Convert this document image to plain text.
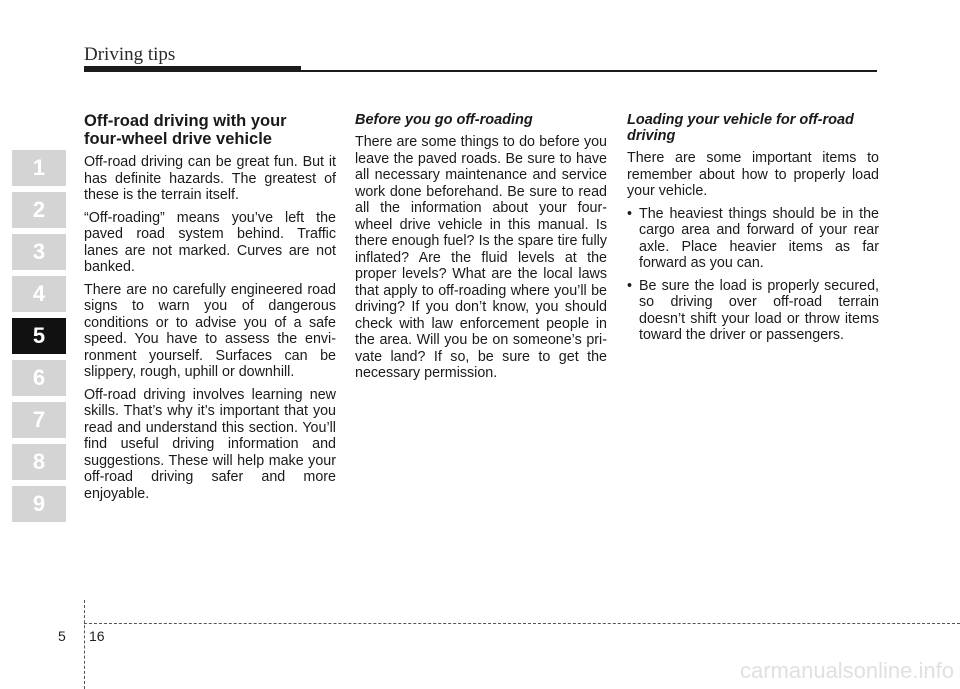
Driving tips
1
2
3
4
5
6
7
8
9
Off-road driving with your
four-wheel drive vehicle

Off-road driving can be great fun. But it has definite hazards. The greatest of these is the terrain itself.

“Off-roading” means you’ve left the paved road system behind. Traffic lanes are not marked. Curves are not banked.

There are no carefully engineered road signs to warn you of dangerous conditions or to advise you of a safe speed. You have to assess the envi-ronment yourself. Surfaces can be slippery, rough, uphill or downhill.

Off-road driving involves learning new skills. That’s why it’s important that you read and understand this section. You’ll find useful driving information and suggestions. These will help make your off-road driving safer and more enjoyable.

Before you go off-roading

There are some things to do before you leave the paved roads. Be sure to have all necessary maintenance and service work done beforehand. Be sure to read all the information about your four-wheel drive vehicle in this manual. Is there enough fuel? Is the spare tire fully inflated? Are the fluid levels at the proper levels? What are the local laws that apply to off-roading where you’ll be driving? If you don’t know, you should check with law enforcement people in the area. Will you be on someone’s pri-vate land? If so, be sure to get the necessary permission.

Loading your vehicle for off-road
driving

There are some important items to remember about how to properly load your vehicle.

• The heaviest things should be in the cargo area and forward of your rear axle. Place heavier items as far forward as you can.
• Be sure the load is properly secured, so driving over off-road terrain doesn’t shift your load or throw items toward the driver or passengers.
5 16
carmanualsonline.info
